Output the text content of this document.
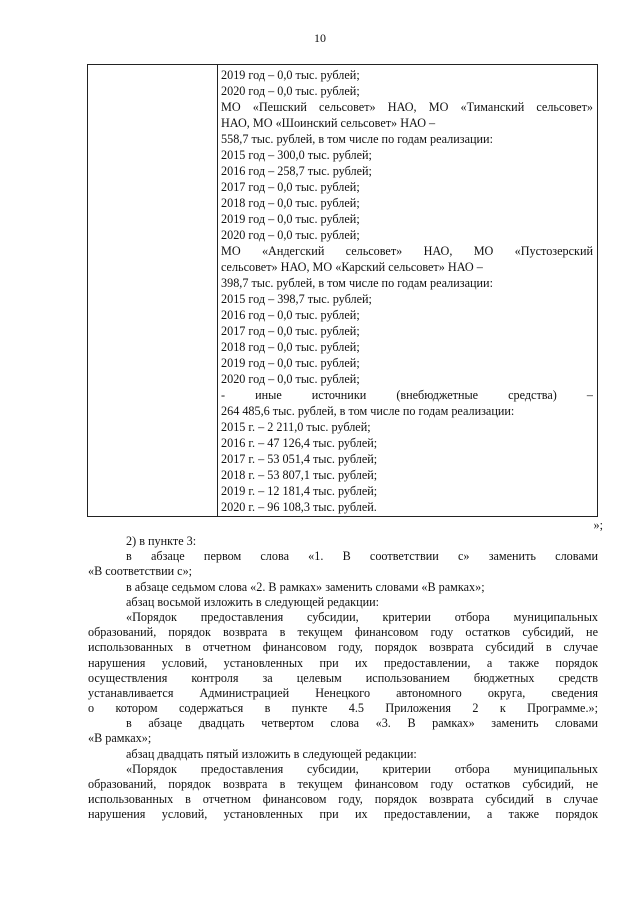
10
2019 год – 0,0 тыс. рублей;
2020 год – 0,0 тыс. рублей;
МО «Пешский сельсовет» НАО, МО «Тиманский сельсовет»
НАО, МО «Шоинский сельсовет» НАО –
558,7 тыс. рублей, в том числе по годам реализации:
2015 год – 300,0 тыс. рублей;
2016 год – 258,7 тыс. рублей;
2017 год – 0,0 тыс. рублей;
2018 год – 0,0 тыс. рублей;
2019 год – 0,0 тыс. рублей;
2020 год – 0,0 тыс. рублей;
МО «Андегский сельсовет» НАО, МО «Пустозерский
сельсовет» НАО, МО «Карский сельсовет» НАО –
398,7 тыс. рублей, в том числе по годам реализации:
2015 год – 398,7 тыс. рублей;
2016 год – 0,0 тыс. рублей;
2017 год – 0,0 тыс. рублей;
2018 год – 0,0 тыс. рублей;
2019 год – 0,0 тыс. рублей;
2020 год – 0,0 тыс. рублей;
- иные источники (внебюджетные средства) –
264 485,6 тыс. рублей, в том числе по годам реализации:
2015 г. – 2 211,0 тыс. рублей;
2016 г. – 47 126,4 тыс. рублей;
2017 г. – 53 051,4 тыс. рублей;
2018 г. – 53 807,1 тыс. рублей;
2019 г. – 12 181,4 тыс. рублей;
2020 г. – 96 108,3 тыс. рублей.
»;
2) в пункте 3:
в абзаце первом слова «1. В соответствии с» заменить словами
«В соответствии с»;
в абзаце седьмом слова «2. В рамках» заменить словами «В рамках»;
абзац восьмой изложить в следующей редакции:
«Порядок предоставления субсидии, критерии отбора муниципальных
образований, порядок возврата в текущем финансовом году остатков субсидий, не
использованных в отчетном финансовом году, порядок возврата субсидий в случае
нарушения условий, установленных при их предоставлении, а также порядок
осуществления контроля за целевым использованием бюджетных средств
устанавливается Администрацией Ненецкого автономного округа, сведения
о котором содержаться в пункте 4.5 Приложения 2 к Программе.»;
в абзаце двадцать четвертом слова «3. В рамках» заменить словами
«В рамках»;
абзац двадцать пятый изложить в следующей редакции:
«Порядок предоставления субсидии, критерии отбора муниципальных
образований, порядок возврата в текущем финансовом году остатков субсидий, не
использованных в отчетном финансовом году, порядок возврата субсидий в случае
нарушения условий, установленных при их предоставлении, а также порядок
